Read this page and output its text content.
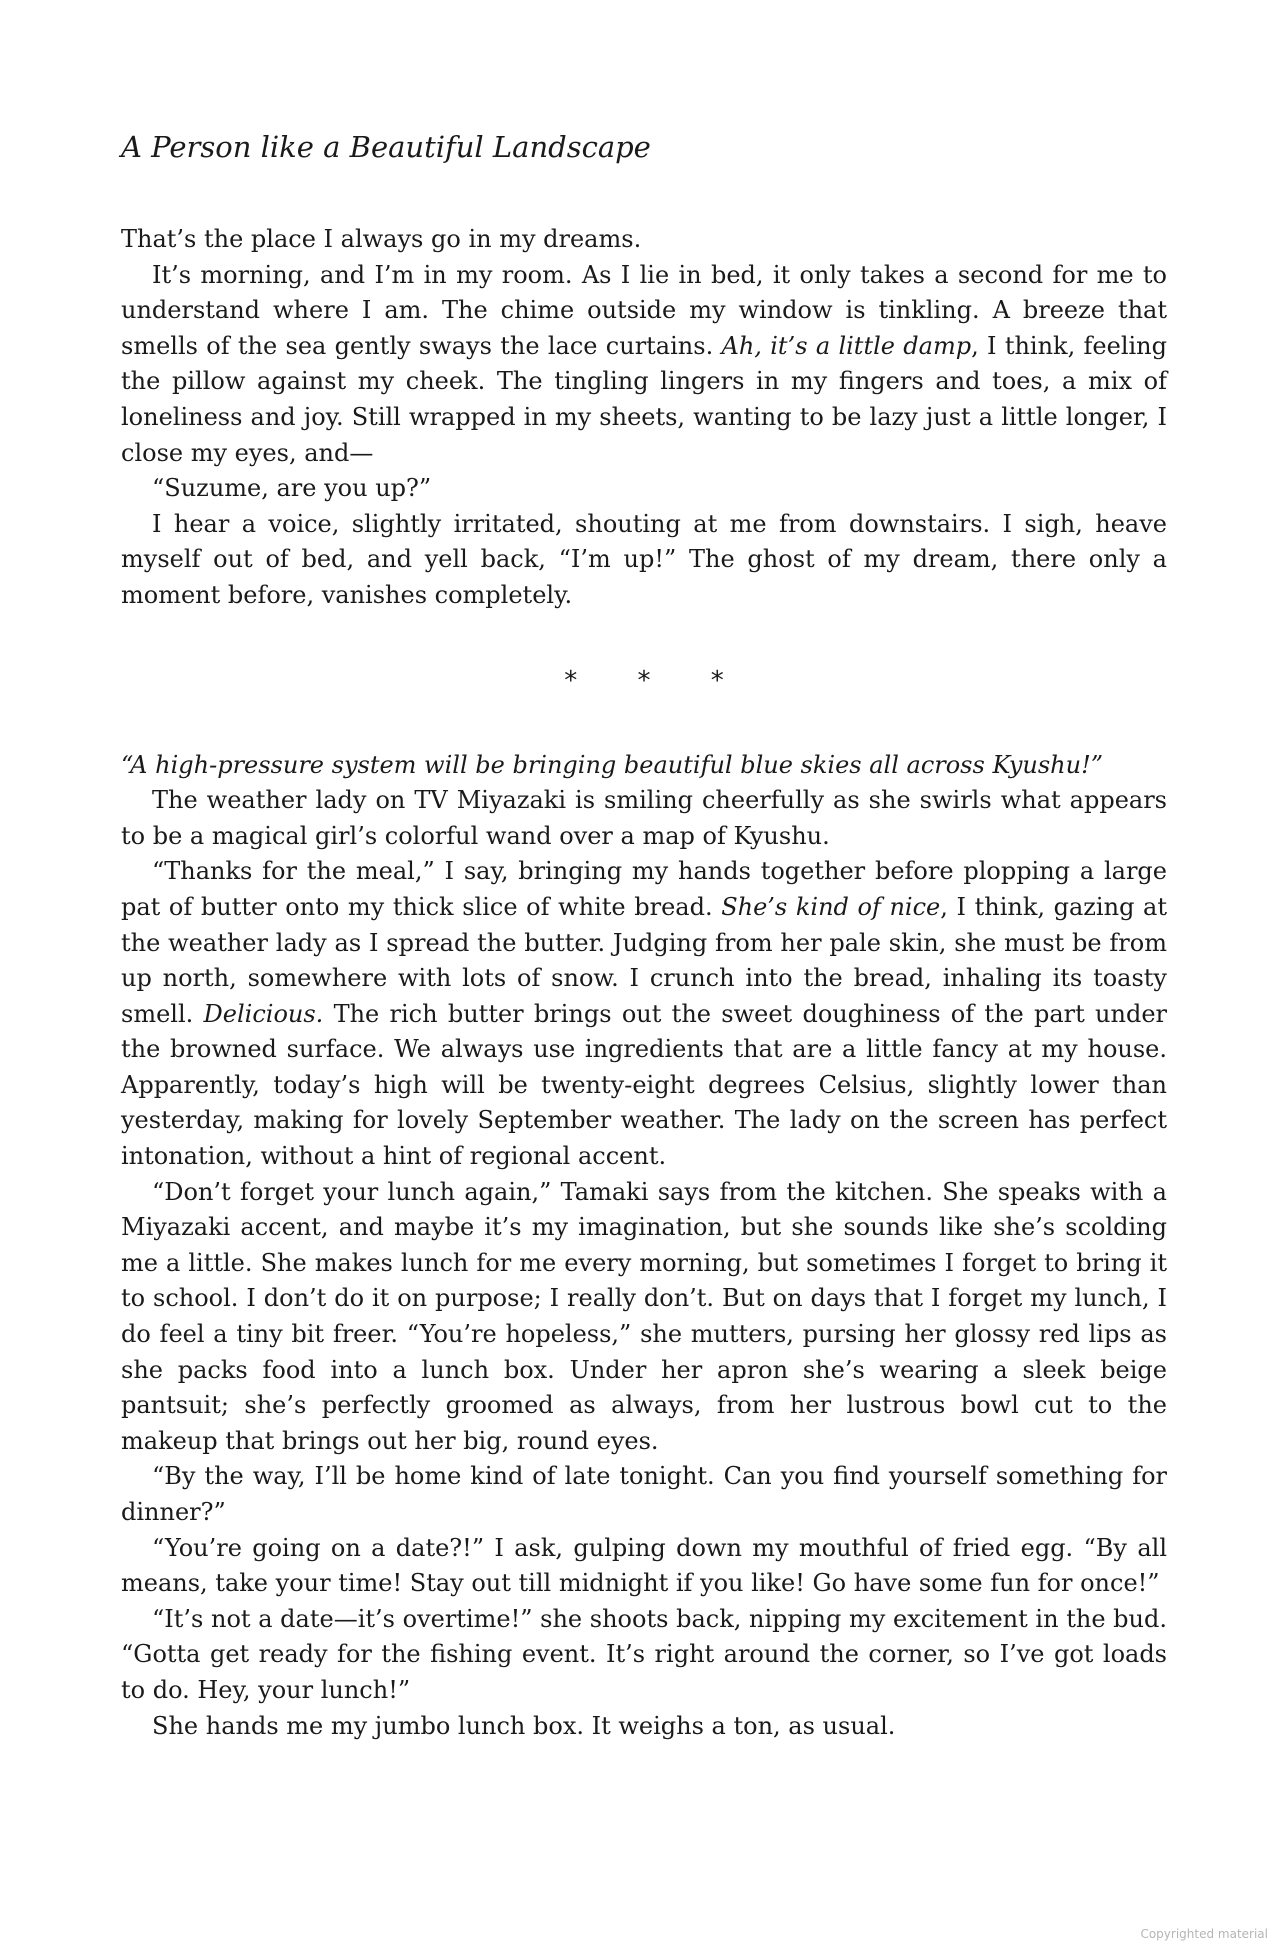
A Person like a Beautiful Landscape

That’s the place I always go in my dreams.

It’s morning, and I’m in my room. As I lie in bed, it only takes a second for me to understand where I am. The chime outside my window is tinkling. A breeze that smells of the sea gently sways the lace curtains. Ah, it’s a little damp, I think, feeling the pillow against my cheek. The tingling lingers in my fingers and toes, a mix of loneliness and joy. Still wrapped in my sheets, wanting to be lazy just a little longer, I close my eyes, and—

“Suzume, are you up?”

I hear a voice, slightly irritated, shouting at me from downstairs. I sigh, heave myself out of bed, and yell back, “I’m up!” The ghost of my dream, there only a moment before, vanishes completely.

* * *

“A high-pressure system will be bringing beautiful blue skies all across Kyushu!”

The weather lady on TV Miyazaki is smiling cheerfully as she swirls what appears to be a magical girl’s colorful wand over a map of Kyushu.

“Thanks for the meal,” I say, bringing my hands together before plopping a large pat of butter onto my thick slice of white bread. She’s kind of nice, I think, gazing at the weather lady as I spread the butter. Judging from her pale skin, she must be from up north, somewhere with lots of snow. I crunch into the bread, inhaling its toasty smell. Delicious. The rich butter brings out the sweet doughiness of the part under the browned surface. We always use ingredients that are a little fancy at my house. Apparently, today’s high will be twenty-eight degrees Celsius, slightly lower than yesterday, making for lovely September weather. The lady on the screen has perfect intonation, without a hint of regional accent.

“Don’t forget your lunch again,” Tamaki says from the kitchen. She speaks with a Miyazaki accent, and maybe it’s my imagination, but she sounds like she’s scolding me a little. She makes lunch for me every morning, but sometimes I forget to bring it to school. I don’t do it on purpose; I really don’t. But on days that I forget my lunch, I do feel a tiny bit freer. “You’re hopeless,” she mutters, pursing her glossy red lips as she packs food into a lunch box. Under her apron she’s wearing a sleek beige pantsuit; she’s perfectly groomed as always, from her lustrous bowl cut to the makeup that brings out her big, round eyes.

“By the way, I’ll be home kind of late tonight. Can you find yourself something for dinner?”

“You’re going on a date?!” I ask, gulping down my mouthful of fried egg. “By all means, take your time! Stay out till midnight if you like! Go have some fun for once!”

“It’s not a date—it’s overtime!” she shoots back, nipping my excitement in the bud. “Gotta get ready for the fishing event. It’s right around the corner, so I’ve got loads to do. Hey, your lunch!”

She hands me my jumbo lunch box. It weighs a ton, as usual.

Copyrighted material
